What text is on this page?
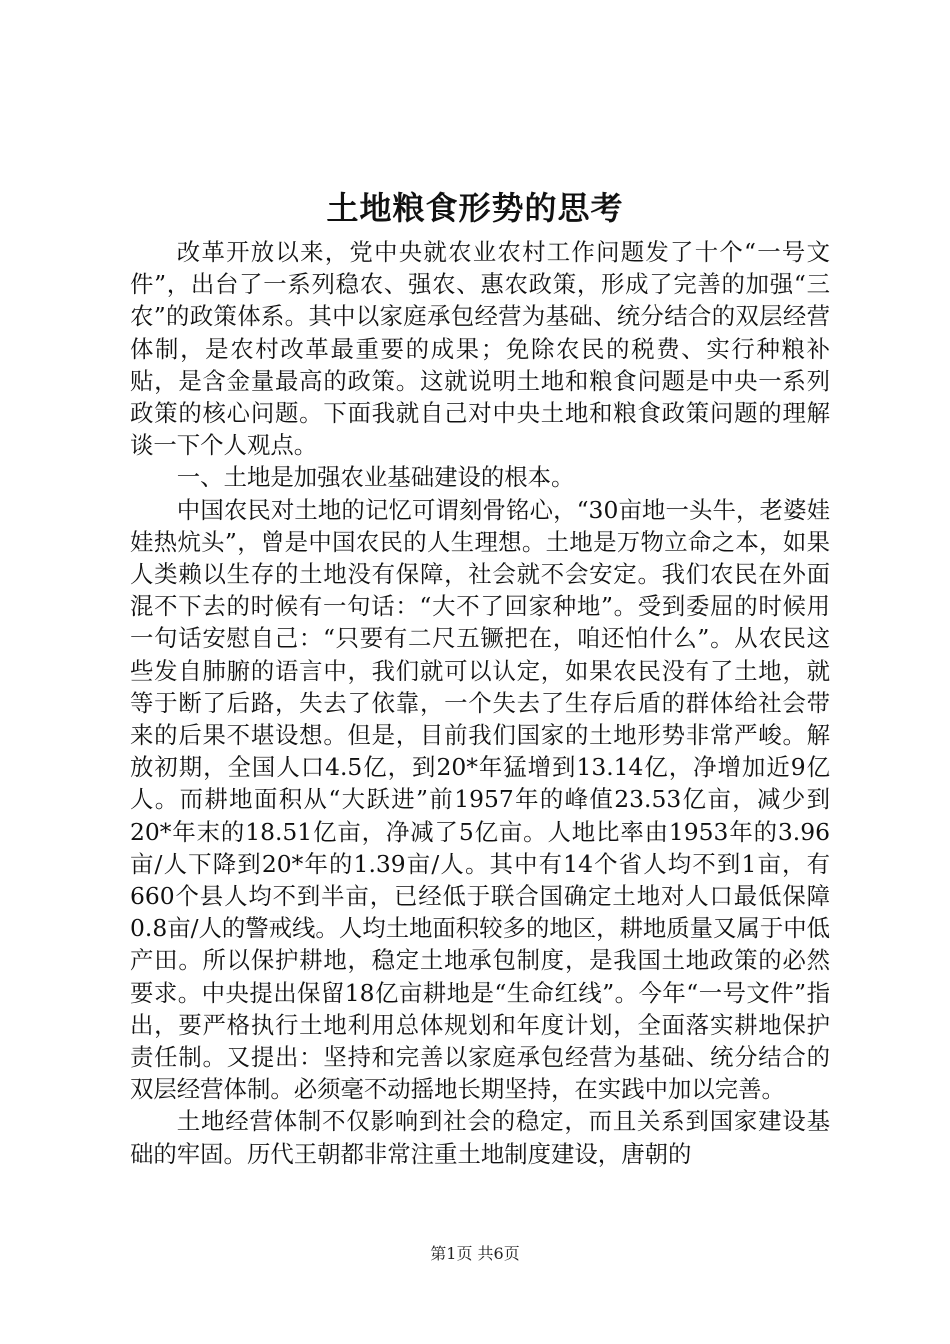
土地粮食形势的思考

改革开放以来，党中央就农业农村工作问题发了十个“一号文件”，出台了一系列稳农、强农、惠农政策，形成了完善的加强“三农”的政策体系。其中以家庭承包经营为基础、统分结合的双层经营体制，是农村改革最重要的成果；免除农民的税费、实行种粮补贴，是含金量最高的政策。这就说明土地和粮食问题是中央一系列政策的核心问题。下面我就自己对中央土地和粮食政策问题的理解谈一下个人观点。

一、土地是加强农业基础建设的根本。

中国农民对土地的记忆可谓刻骨铭心，“30亩地一头牛，老婆娃娃热炕头”，曾是中国农民的人生理想。土地是万物立命之本，如果人类赖以生存的土地没有保障，社会就不会安定。我们农民在外面混不下去的时候有一句话：“大不了回家种地”。受到委屈的时候用一句话安慰自己：“只要有二尺五镢把在，咱还怕什么”。从农民这些发自肺腑的语言中，我们就可以认定，如果农民没有了土地，就等于断了后路，失去了依靠，一个失去了生存后盾的群体给社会带来的后果不堪设想。但是，目前我们国家的土地形势非常严峻。解放初期，全国人口4.5亿，到20*年猛增到13.14亿，净增加近9亿人。而耕地面积从“大跃进”前1957年的峰值23.53亿亩，减少到20*年末的18.51亿亩，净减了5亿亩。人地比率由1953年的3.96亩/人下降到20*年的1.39亩/人。其中有14个省人均不到1亩，有660个县人均不到半亩，已经低于联合国确定土地对人口最低保障0.8亩/人的警戒线。人均土地面积较多的地区，耕地质量又属于中低产田。所以保护耕地，稳定土地承包制度，是我国土地政策的必然要求。中央提出保留18亿亩耕地是“生命红线”。今年“一号文件”指出，要严格执行土地利用总体规划和年度计划，全面落实耕地保护责任制。又提出：坚持和完善以家庭承包经营为基础、统分结合的双层经营体制。必须毫不动摇地长期坚持，在实践中加以完善。

土地经营体制不仅影响到社会的稳定，而且关系到国家建设基础的牢固。历代王朝都非常注重土地制度建设，唐朝的

第1页 共6页
